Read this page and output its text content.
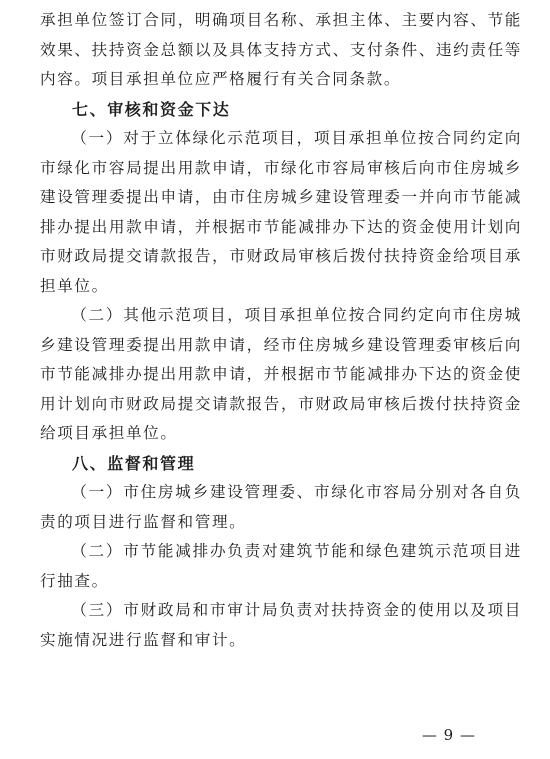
承担单位签订合同，明确项目名称、承担主体、主要内容、节能效果、扶持资金总额以及具体支持方式、支付条件、违约责任等内容。项目承担单位应严格履行有关合同条款。

七、审核和资金下达

（一）对于立体绿化示范项目，项目承担单位按合同约定向市绿化市容局提出用款申请，市绿化市容局审核后向市住房城乡建设管理委提出申请，由市住房城乡建设管理委一并向市节能减排办提出用款申请，并根据市节能减排办下达的资金使用计划向市财政局提交请款报告，市财政局审核后拨付扶持资金给项目承担单位。

（二）其他示范项目，项目承担单位按合同约定向市住房城乡建设管理委提出用款申请，经市住房城乡建设管理委审核后向市节能减排办提出用款申请，并根据市节能减排办下达的资金使用计划向市财政局提交请款报告，市财政局审核后拨付扶持资金给项目承担单位。

八、监督和管理

（一）市住房城乡建设管理委、市绿化市容局分别对各自负责的项目进行监督和管理。

（二）市节能减排办负责对建筑节能和绿色建筑示范项目进行抽查。

（三）市财政局和市审计局负责对扶持资金的使用以及项目实施情况进行监督和审计。

— 9 —
